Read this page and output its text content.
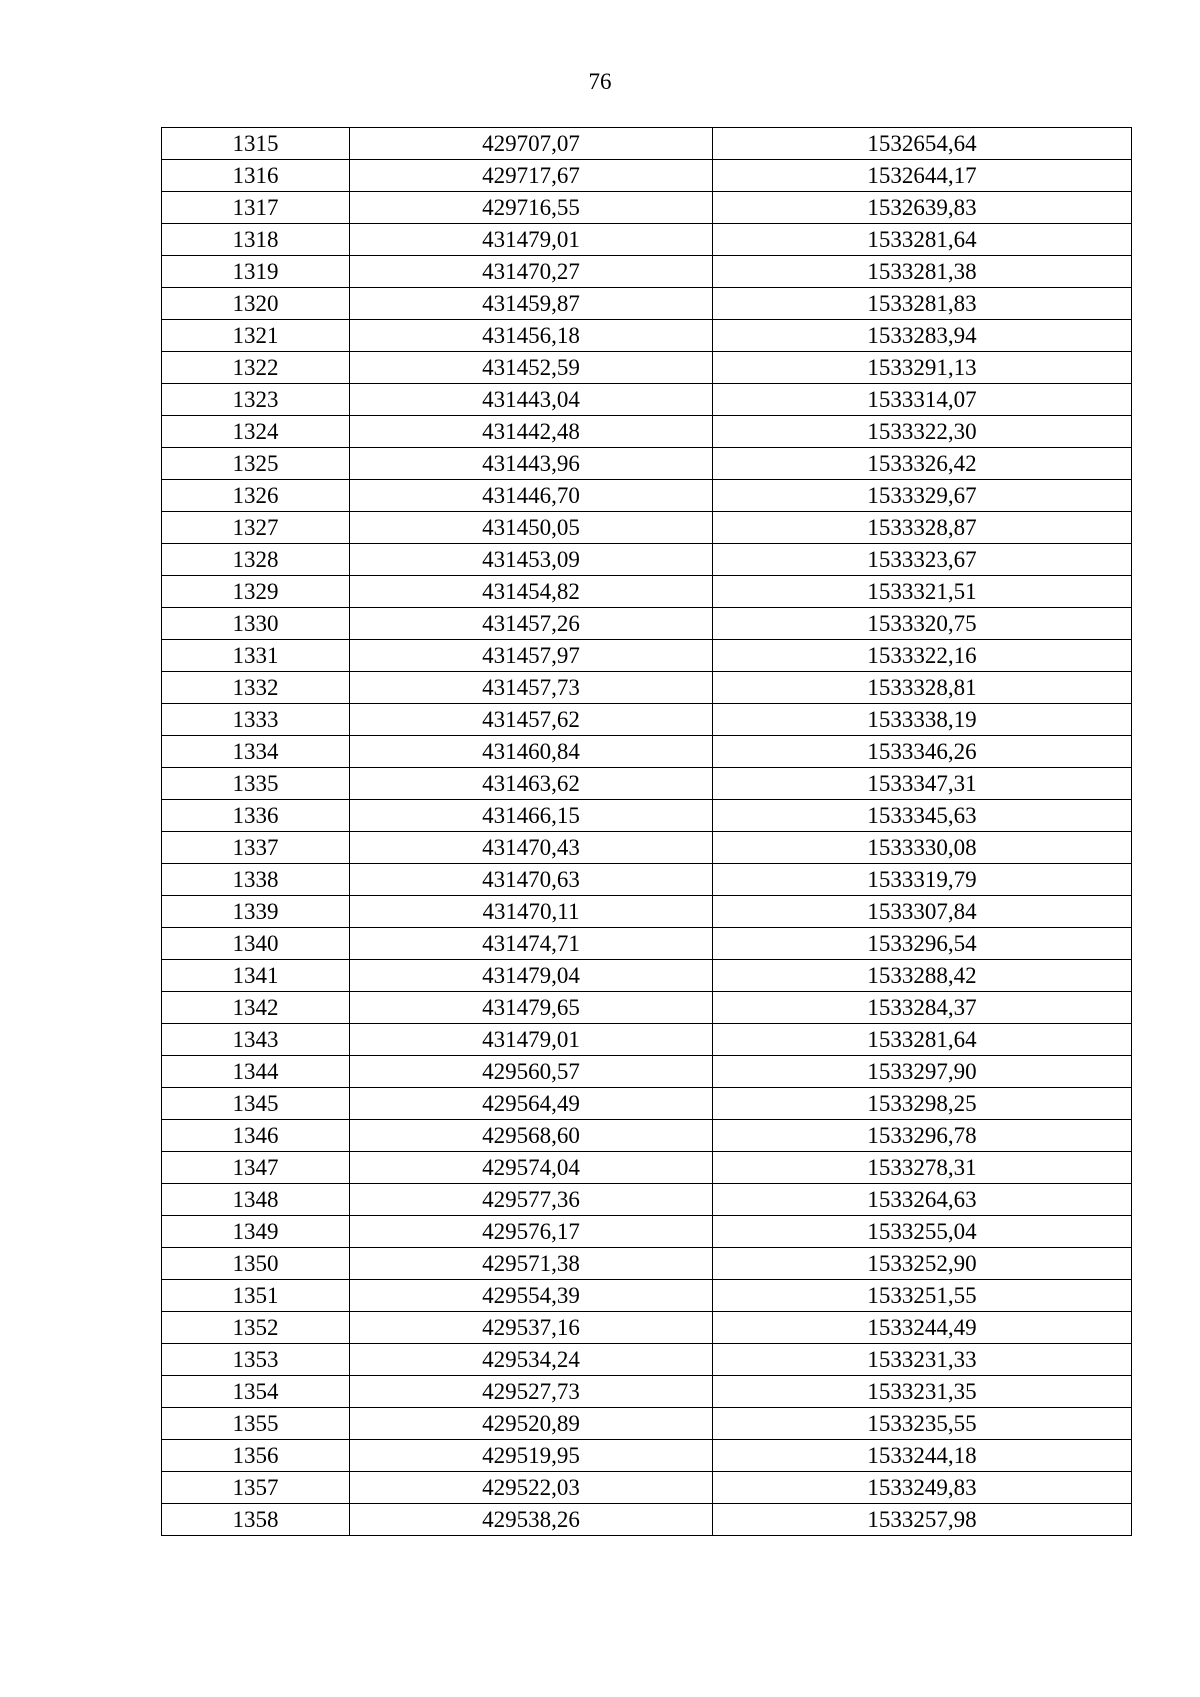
76
1315	429707,07	1532654,64
1316	429717,67	1532644,17
1317	429716,55	1532639,83
1318	431479,01	1533281,64
1319	431470,27	1533281,38
1320	431459,87	1533281,83
1321	431456,18	1533283,94
1322	431452,59	1533291,13
1323	431443,04	1533314,07
1324	431442,48	1533322,30
1325	431443,96	1533326,42
1326	431446,70	1533329,67
1327	431450,05	1533328,87
1328	431453,09	1533323,67
1329	431454,82	1533321,51
1330	431457,26	1533320,75
1331	431457,97	1533322,16
1332	431457,73	1533328,81
1333	431457,62	1533338,19
1334	431460,84	1533346,26
1335	431463,62	1533347,31
1336	431466,15	1533345,63
1337	431470,43	1533330,08
1338	431470,63	1533319,79
1339	431470,11	1533307,84
1340	431474,71	1533296,54
1341	431479,04	1533288,42
1342	431479,65	1533284,37
1343	431479,01	1533281,64
1344	429560,57	1533297,90
1345	429564,49	1533298,25
1346	429568,60	1533296,78
1347	429574,04	1533278,31
1348	429577,36	1533264,63
1349	429576,17	1533255,04
1350	429571,38	1533252,90
1351	429554,39	1533251,55
1352	429537,16	1533244,49
1353	429534,24	1533231,33
1354	429527,73	1533231,35
1355	429520,89	1533235,55
1356	429519,95	1533244,18
1357	429522,03	1533249,83
1358	429538,26	1533257,98
